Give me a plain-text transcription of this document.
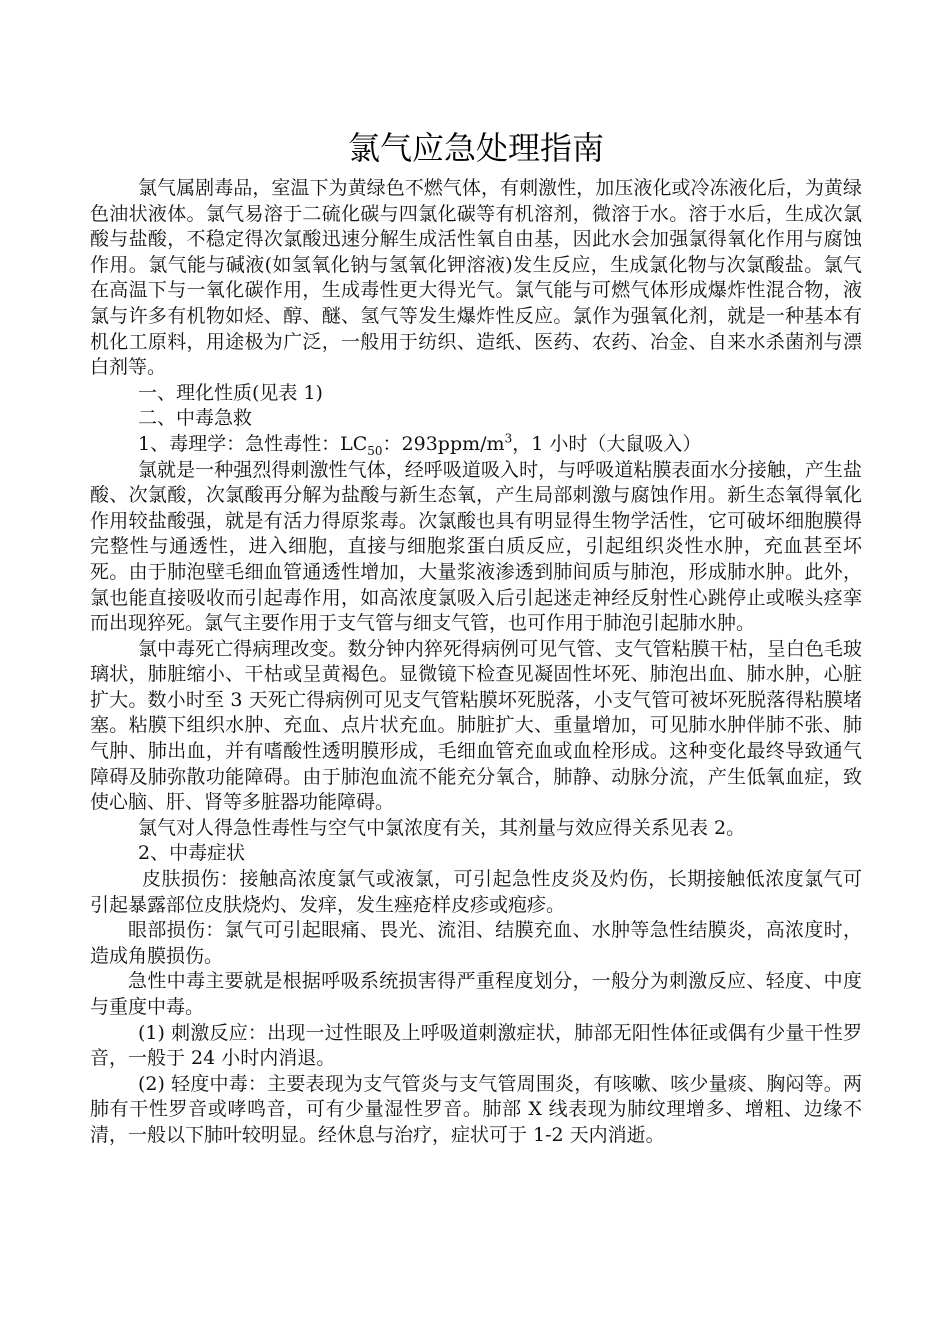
氯气应急处理指南

氯气属剧毒品，室温下为黄绿色不燃气体，有刺激性，加压液化或冷冻液化后，为黄绿色油状液体。氯气易溶于二硫化碳与四氯化碳等有机溶剂，微溶于水。溶于水后，生成次氯酸与盐酸，不稳定得次氯酸迅速分解生成活性氧自由基，因此水会加强氯得氧化作用与腐蚀作用。氯气能与碱液(如氢氧化钠与氢氧化钾溶液)发生反应，生成氯化物与次氯酸盐。氯气在高温下与一氧化碳作用，生成毒性更大得光气。氯气能与可燃气体形成爆炸性混合物，液氯与许多有机物如烃、醇、醚、氢气等发生爆炸性反应。氯作为强氧化剂，就是一种基本有机化工原料，用途极为广泛，一般用于纺织、造纸、医药、农药、冶金、自来水杀菌剂与漂白剂等。

一、理化性质(见表 1)

二、中毒急救

1、毒理学：急性毒性：$LC_{50}$：$293ppm/m^3$，1 小时（大鼠吸入）

氯就是一种强烈得刺激性气体，经呼吸道吸入时，与呼吸道粘膜表面水分接触，产生盐酸、次氯酸，次氯酸再分解为盐酸与新生态氧，产生局部刺激与腐蚀作用。新生态氧得氧化作用较盐酸强，就是有活力得原浆毒。次氯酸也具有明显得生物学活性，它可破坏细胞膜得完整性与通透性，进入细胞，直接与细胞浆蛋白质反应，引起组织炎性水肿，充血甚至坏死。由于肺泡壁毛细血管通透性增加，大量浆液渗透到肺间质与肺泡，形成肺水肿。此外，氯也能直接吸收而引起毒作用，如高浓度氯吸入后引起迷走神经反射性心跳停止或喉头痉挛而出现猝死。氯气主要作用于支气管与细支气管，也可作用于肺泡引起肺水肿。

氯中毒死亡得病理改变。数分钟内猝死得病例可见气管、支气管粘膜干枯，呈白色毛玻璃状，肺脏缩小、干枯或呈黄褐色。显微镜下检查见凝固性坏死、肺泡出血、肺水肿，心脏扩大。数小时至 3 天死亡得病例可见支气管粘膜坏死脱落，小支气管可被坏死脱落得粘膜堵塞。粘膜下组织水肿、充血、点片状充血。肺脏扩大、重量增加，可见肺水肿伴肺不张、肺气肿、肺出血，并有嗜酸性透明膜形成，毛细血管充血或血栓形成。这种变化最终导致通气障碍及肺弥散功能障碍。由于肺泡血流不能充分氧合，肺静、动脉分流，产生低氧血症，致使心脑、肝、肾等多脏器功能障碍。

氯气对人得急性毒性与空气中氯浓度有关，其剂量与效应得关系见表 2。

2、中毒症状

皮肤损伤：接触高浓度氯气或液氯，可引起急性皮炎及灼伤，长期接触低浓度氯气可引起暴露部位皮肤烧灼、发痒，发生痤疮样皮疹或疱疹。

眼部损伤：氯气可引起眼痛、畏光、流泪、结膜充血、水肿等急性结膜炎，高浓度时，造成角膜损伤。

急性中毒主要就是根据呼吸系统损害得严重程度划分，一般分为刺激反应、轻度、中度与重度中毒。

(1) 刺激反应：出现一过性眼及上呼吸道刺激症状，肺部无阳性体征或偶有少量干性罗音，一般于 24 小时内消退。

(2) 轻度中毒：主要表现为支气管炎与支气管周围炎，有咳嗽、咳少量痰、胸闷等。两肺有干性罗音或哮鸣音，可有少量湿性罗音。肺部 X 线表现为肺纹理增多、增粗、边缘不清，一般以下肺叶较明显。经休息与治疗，症状可于 1-2 天内消逝。
